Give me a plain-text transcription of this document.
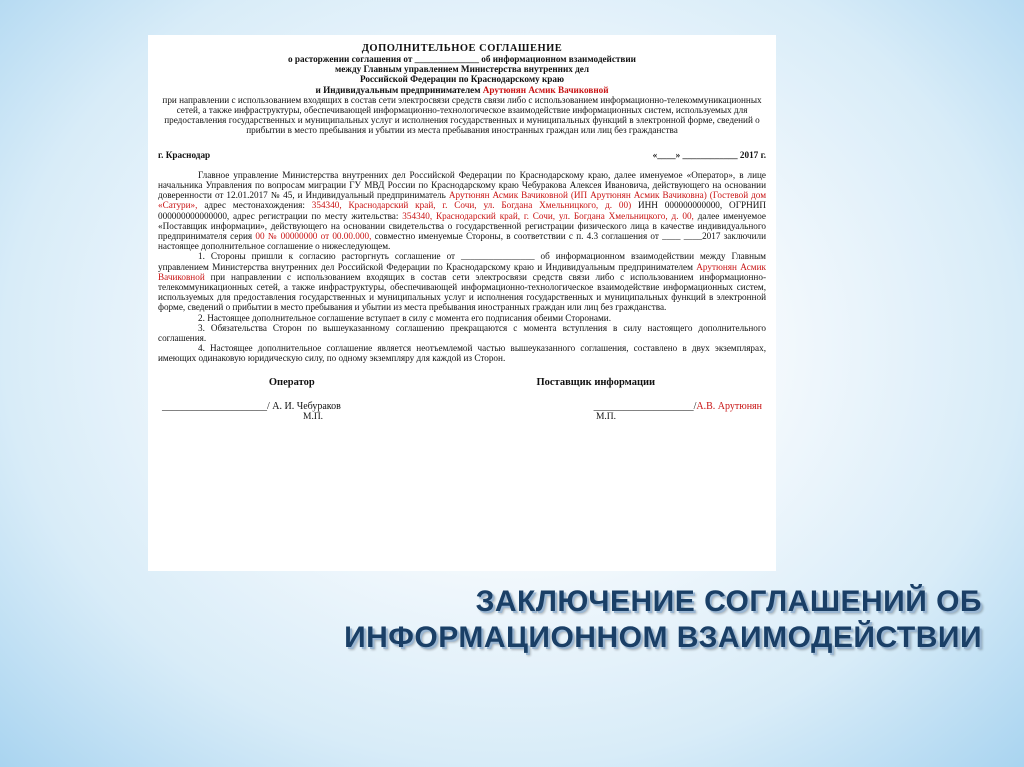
ДОПОЛНИТЕЛЬНОЕ СОГЛАШЕНИЕ
о расторжении соглашения от ______________ об информационном взаимодействии
между Главным управлением Министерства внутренних дел
Российской Федерации по Краснодарскому краю
и Индивидуальным предпринимателем Арутюнян Асмик Вачиковной
при направлении с использованием входящих в состав сети электросвязи средств связи либо с использованием информационно-телекоммуникационных сетей, а также инфраструктуры, обеспечивающей информационно-технологическое взаимодействие информационных систем, используемых для предоставления государственных и муниципальных услуг и исполнения государственных и муниципальных функций в электронной форме, сведений о прибытии в место пребывания и убытии из места пребывания иностранных граждан или лиц без гражданства
г. Краснодар	«____» ____________ 2017 г.

Главное управление Министерства внутренних дел Российской Федерации по Краснодарскому краю, далее именуемое «Оператор», в лице начальника Управления по вопросам миграции ГУ МВД России по Краснодарскому краю Чебуракова Алексея Ивановича, действующего на основании доверенности от 12.01.2017 № 45, и Индивидуальный предприниматель Арутюнян Асмик Вачиковной (ИП Арутюнян Асмик Вачиковна) (Гостевой дом «Сатури», адрес местонахождения: 354340, Краснодарский край, г. Сочи, ул. Богдана Хмельницкого, д. 00) ИНН 000000000000, ОГРНИП 000000000000000, адрес регистрации по месту жительства: 354340, Краснодарский край, г. Сочи, ул. Богдана Хмельницкого, д. 00, далее именуемое «Поставщик информации», действующего на основании свидетельства о государственной регистрации физического лица в качестве индивидуального предпринимателя серия 00 № 00000000 от 00.00.000, совместно именуемые Стороны, в соответствии с п. 4.3 соглашения от ____ ____2017 заключили настоящее дополнительное соглашение о нижеследующем.

1. Стороны пришли к согласию расторгнуть соглашение от ________________ об информационном взаимодействии между Главным управлением Министерства внутренних дел Российской Федерации по Краснодарскому краю и Индивидуальным предпринимателем Арутюнян Асмик Вачиковной при направлении с использованием входящих в состав сети электросвязи средств связи либо с использованием информационно-телекоммуникационных сетей, а также инфраструктуры, обеспечивающей информационно-технологическое взаимодействие информационных систем, используемых для предоставления государственных и муниципальных услуг и исполнения государственных и муниципальных функций в электронной форме, сведений о прибытии в место пребывания и убытии из места пребывания иностранных граждан или лиц без гражданства.

2. Настоящее дополнительное соглашение вступает в силу с момента его подписания обеими Сторонами.

3. Обязательства Сторон по вышеуказанному соглашению прекращаются с момента вступления в силу настоящего дополнительного соглашения.

4. Настоящее дополнительное соглашение является неотъемлемой частью вышеуказанного соглашения, составлено в двух экземплярах, имеющих одинаковую юридическую силу, по одному экземпляру для каждой из Сторон.

Оператор	Поставщик информации
_____________________/ А. И. Чебураков	____________________/А.В. Арутюнян
М.П.	М.П.
ЗАКЛЮЧЕНИЕ СОГЛАШЕНИЙ ОБ
ИНФОРМАЦИОННОМ ВЗАИМОДЕЙСТВИИ
